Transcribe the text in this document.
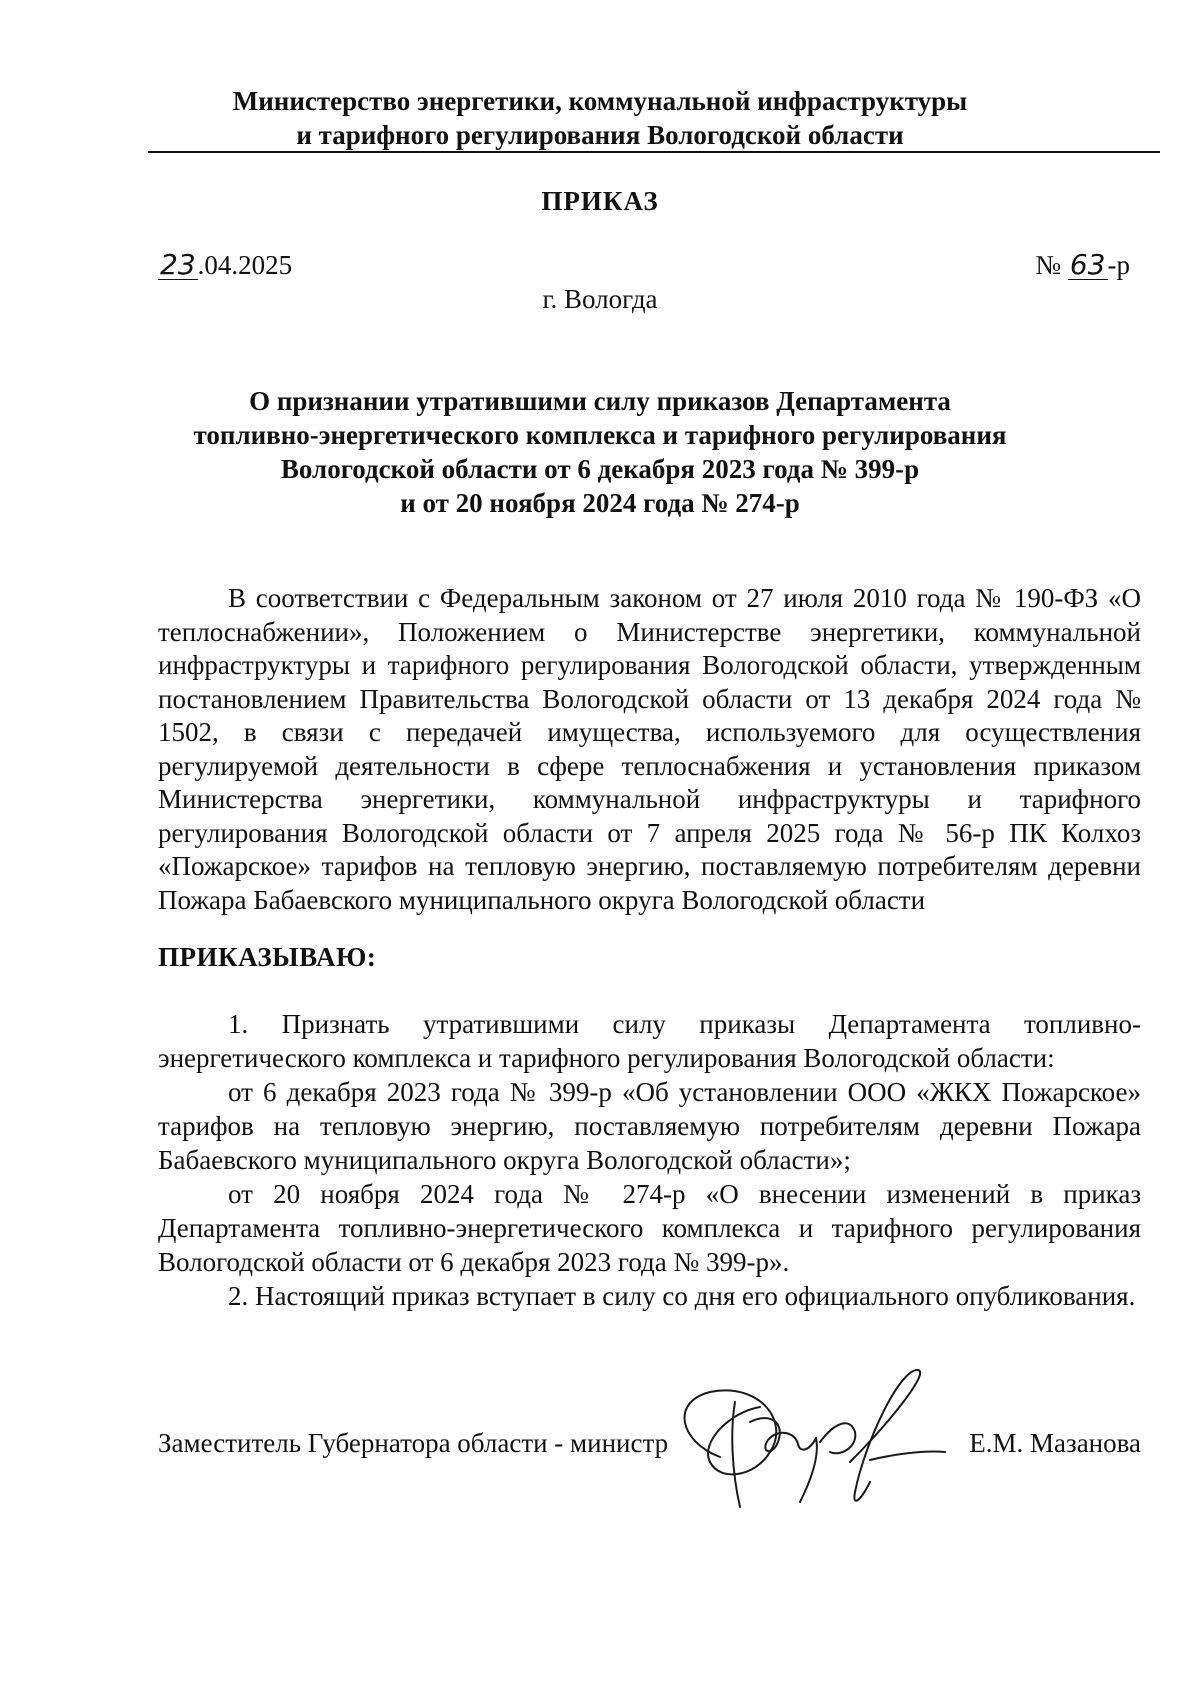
Министерство энергетики, коммунальной инфраструктуры
и тарифного регулирования Вологодской области
ПРИКАЗ
23.04.2025	№ 63-р
г. Вологда
О признании утратившими силу приказов Департамента
топливно-энергетического комплекса и тарифного регулирования
Вологодской области от 6 декабря 2023 года № 399-р
и от 20 ноября 2024 года № 274-р

В соответствии с Федеральным законом от 27 июля 2010 года № 190-ФЗ «О теплоснабжении», Положением о Министерстве энергетики, коммунальной инфраструктуры и тарифного регулирования Вологодской области, утвержденным постановлением Правительства Вологодской области от 13 декабря 2024 года № 1502, в связи с передачей имущества, используемого для осуществления регулируемой деятельности в сфере теплоснабжения и установления приказом Министерства энергетики, коммунальной инфраструктуры и тарифного регулирования Вологодской области от 7 апреля 2025 года № 56-р ПК Колхоз «Пожарское» тарифов на тепловую энергию, поставляемую потребителям деревни Пожара Бабаевского муниципального округа Вологодской области

ПРИКАЗЫВАЮ:

1. Признать утратившими силу приказы Департамента топливно-энергетического комплекса и тарифного регулирования Вологодской области:

от 6 декабря 2023 года № 399-р «Об установлении ООО «ЖКХ Пожарское» тарифов на тепловую энергию, поставляемую потребителям деревни Пожара Бабаевского муниципального округа Вологодской области»;

от 20 ноября 2024 года № 274-р «О внесении изменений в приказ Департамента топливно-энергетического комплекса и тарифного регулирования Вологодской области от 6 декабря 2023 года № 399-р».

2. Настоящий приказ вступает в силу со дня его официального опубликования.

Заместитель Губернатора области - министр	Е.М. Мазанова
